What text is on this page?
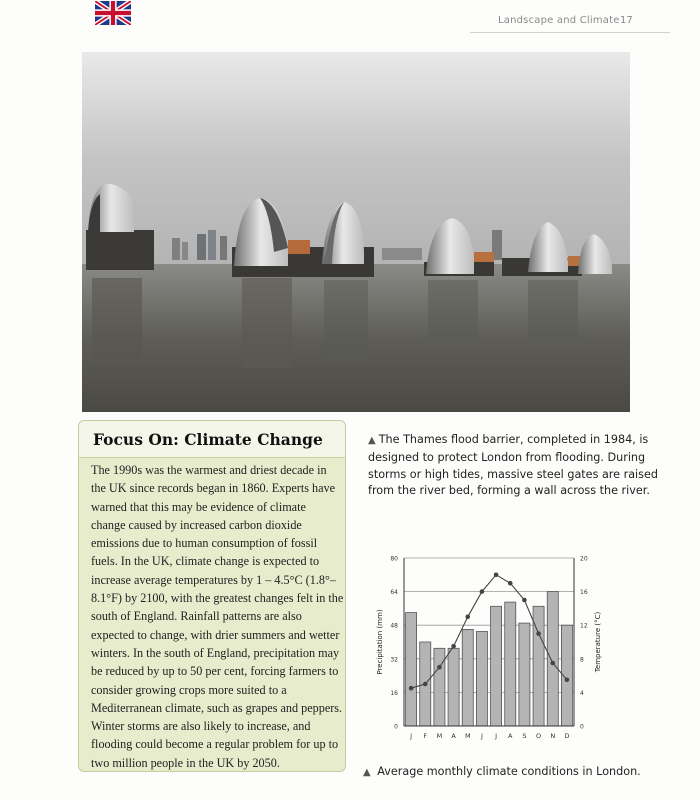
Landscape and Climate 17
Focus On: Climate Change

The 1990s was the warmest and driest decade in
the UK since records began in 1860. Experts have
warned that this may be evidence of climate
change caused by increased carbon dioxide
emissions due to human consumption of fossil
fuels. In the UK, climate change is expected to
increase average temperatures by 1 – 4.5°C (1.8°–
8.1°F) by 2100, with the greatest changes felt in the
south of England. Rainfall patterns are also
expected to change, with drier summers and wetter
winters. In the south of England, precipitation may
be reduced by up to 50 per cent, forcing farmers to
consider growing crops more suited to a
Mediterranean climate, such as grapes and peppers.
Winter storms are also likely to increase, and
flooding could become a regular problem for up to
two million people in the UK by 2050.

▲ The Thames flood barrier, completed in 1984, is
designed to protect London from flooding. During
storms or high tides, massive steel gates are raised
from the river bed, forming a wall across the river.
0
16
32
48
64
80
0
4
8
12
16
20
J F M A M J J A S O N D
Precipitation (mm)	Temperature (°C)
▲ Average monthly climate conditions in London.
